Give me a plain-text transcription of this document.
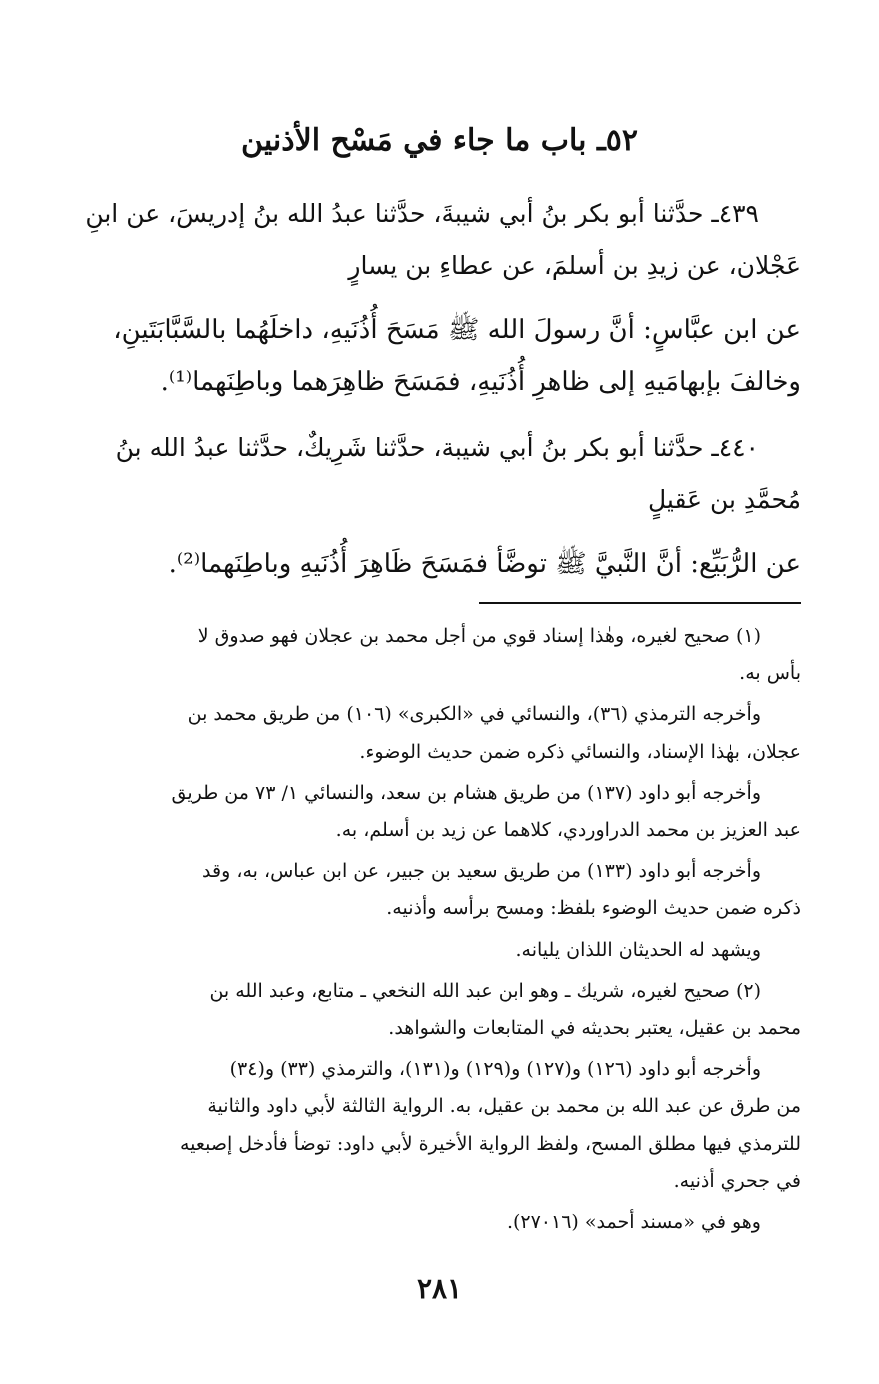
٥٢ـ باب ما جاء في مَسْح الأذنين

٤٣٩ـ حدَّثنا أبو بكر بنُ أبي شيبةَ، حدَّثنا عبدُ الله بنُ إدريسَ، عن ابنِ

عَجْلان، عن زيدِ بن أسلمَ، عن عطاءِ بن يسارٍ

عن ابن عبَّاسٍ: أنَّ رسولَ الله ﷺ مَسَحَ أُذُنَيهِ، داخلَهُما بالسَّبَّابَتَينِ،

وخالفَ بإبهامَيهِ إلى ظاهرِ أُذُنَيهِ، فمَسَحَ ظاهِرَهما وباطِنَهما⁽¹⁾.

٤٤٠ـ حدَّثنا أبو بكر بنُ أبي شيبة، حدَّثنا شَرِيكٌ، حدَّثنا عبدُ الله بنُ

مُحمَّدِ بن عَقيلٍ

عن الرُّبَيِّع: أنَّ النَّبيَّ ﷺ توضَّأ فمَسَحَ ظَاهِرَ أُذُنَيهِ وباطِنَهما⁽²⁾.

(١) صحيح لغيره، وهٰذا إسناد قوي من أجل محمد بن عجلان فهو صدوق لا

بأس به.

وأخرجه الترمذي (٣٦)، والنسائي في «الكبرى» (١٠٦) من طريق محمد بن

عجلان، بهٰذا الإسناد، والنسائي ذكره ضمن حديث الوضوء.

وأخرجه أبو داود (١٣٧) من طريق هشام بن سعد، والنسائي ١/ ٧٣ من طريق

عبد العزيز بن محمد الدراوردي، كلاهما عن زيد بن أسلم، به.

وأخرجه أبو داود (١٣٣) من طريق سعيد بن جبير، عن ابن عباس، به، وقد

ذكره ضمن حديث الوضوء بلفظ: ومسح برأسه وأذنيه.

ويشهد له الحديثان اللذان يليانه.

(٢) صحيح لغيره، شريك ـ وهو ابن عبد الله النخعي ـ متابع، وعبد الله بن

محمد بن عقيل، يعتبر بحديثه في المتابعات والشواهد.

وأخرجه أبو داود (١٢٦) و(١٢٧) و(١٢٩) و(١٣١)، والترمذي (٣٣) و(٣٤)

من طرق عن عبد الله بن محمد بن عقيل، به. الرواية الثالثة لأبي داود والثانية

للترمذي فيها مطلق المسح، ولفظ الرواية الأخيرة لأبي داود: توضأ فأدخل إصبعيه

في جحري أذنيه.

وهو في «مسند أحمد» (٢٧٠١٦).

٢٨١
